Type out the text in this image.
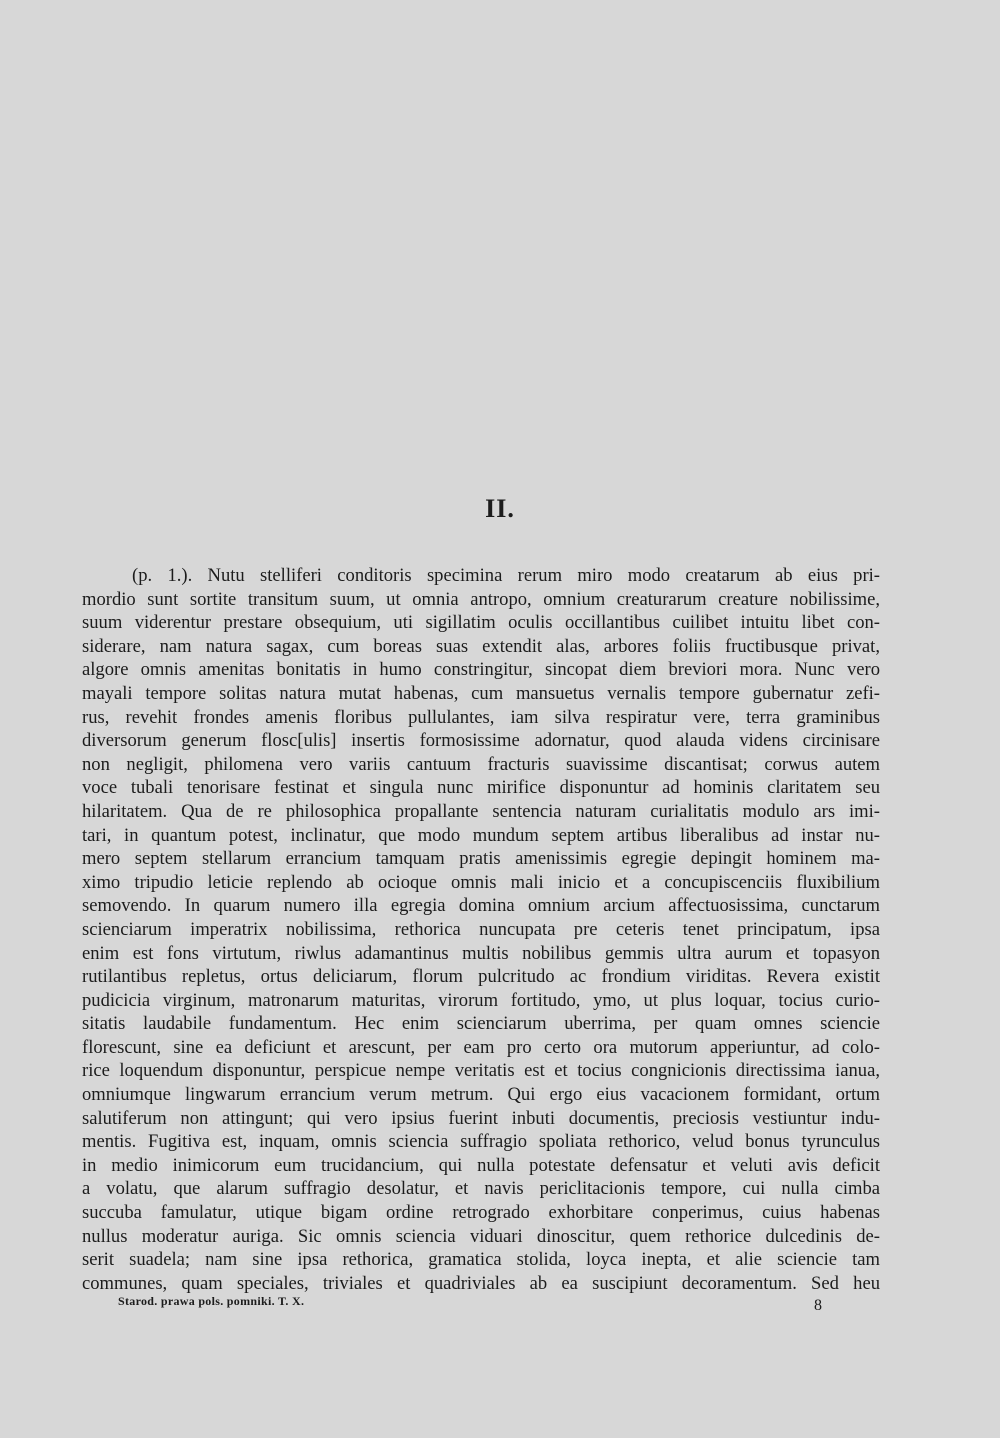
II.
(p. 1.). Nutu stelliferi conditoris specimina rerum miro modo creatarum ab eius pri-
mordio sunt sortite transitum suum, ut omnia antropo, omnium creaturarum creature nobilissime,
suum viderentur prestare obsequium, uti sigillatim oculis occillantibus cuilibet intuitu libet con-
siderare, nam natura sagax, cum boreas suas extendit alas, arbores foliis fructibusque privat,
algore omnis amenitas bonitatis in humo constringitur, sincopat diem breviori mora. Nunc vero
mayali tempore solitas natura mutat habenas, cum mansuetus vernalis tempore gubernatur zefi-
rus, revehit frondes amenis floribus pullulantes, iam silva respiratur vere, terra graminibus
diversorum generum flosc[ulis] insertis formosissime adornatur, quod alauda videns circinisare
non negligit, philomena vero variis cantuum fracturis suavissime discantisat; corwus autem
voce tubali tenorisare festinat et singula nunc mirifice disponuntur ad hominis claritatem seu
hilaritatem. Qua de re philosophica propallante sentencia naturam curialitatis modulo ars imi-
tari, in quantum potest, inclinatur, que modo mundum septem artibus liberalibus ad instar nu-
mero septem stellarum errancium tamquam pratis amenissimis egregie depingit hominem ma-
ximo tripudio leticie replendo ab ocioque omnis mali inicio et a concupiscenciis fluxibilium
semovendo. In quarum numero illa egregia domina omnium arcium affectuosissima, cunctarum
scienciarum imperatrix nobilissima, rethorica nuncupata pre ceteris tenet principatum, ipsa
enim est fons virtutum, riwlus adamantinus multis nobilibus gemmis ultra aurum et topasyon
rutilantibus repletus, ortus deliciarum, florum pulcritudo ac frondium viriditas. Revera existit
pudicicia virginum, matronarum maturitas, virorum fortitudo, ymo, ut plus loquar, tocius curio-
sitatis laudabile fundamentum. Hec enim scienciarum uberrima, per quam omnes sciencie
florescunt, sine ea deficiunt et arescunt, per eam pro certo ora mutorum apperiuntur, ad colo-
rice loquendum disponuntur, perspicue nempe veritatis est et tocius congnicionis directissima ianua,
omniumque lingwarum errancium verum metrum. Qui ergo eius vacacionem formidant, ortum
salutiferum non attingunt; qui vero ipsius fuerint inbuti documentis, preciosis vestiuntur indu-
mentis. Fugitiva est, inquam, omnis sciencia suffragio spoliata rethorico, velud bonus tyrunculus
in medio inimicorum eum trucidancium, qui nulla potestate defensatur et veluti avis deficit
a volatu, que alarum suffragio desolatur, et navis periclitacionis tempore, cui nulla cimba
succuba famulatur, utique bigam ordine retrogrado exhorbitare conperimus, cuius habenas
nullus moderatur auriga. Sic omnis sciencia viduari dinoscitur, quem rethorice dulcedinis de-
serit suadela; nam sine ipsa rethorica, gramatica stolida, loyca inepta, et alie sciencie tam
communes, quam speciales, triviales et quadriviales ab ea suscipiunt decoramentum. Sed heu
Starod. prawa pols. pomniki. T. X.	8
